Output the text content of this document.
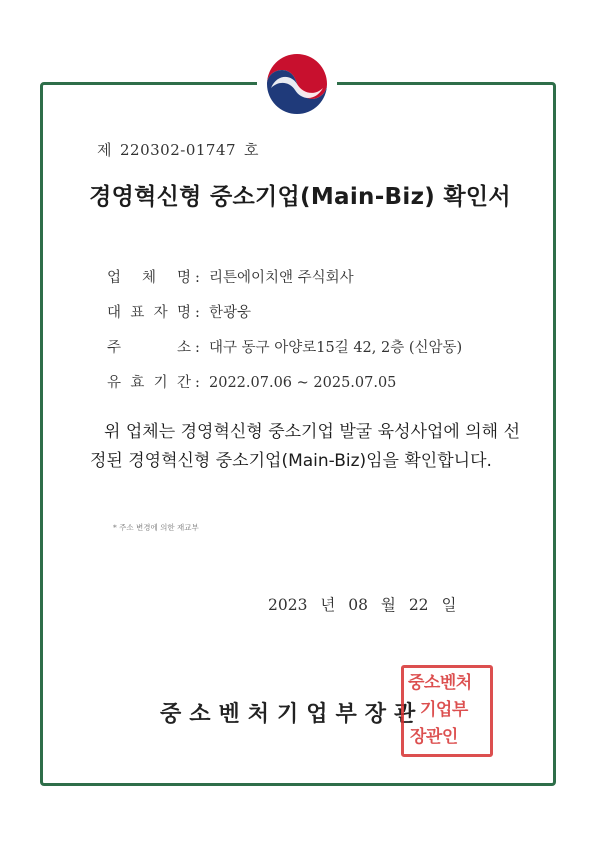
제 220302-01747 호
경영혁신형 중소기업(Main-Biz) 확인서
업 체 명 : 리튼에이치앤 주식회사
대 표 자 명 : 한광웅
주	소 : 대구 동구 아양로15길 42, 2층 (신암동)
유 효 기 간 : 2022.07.06 ~ 2025.07.05
위 업체는 경영혁신형 중소기업 발굴 육성사업에 의해 선정된 경영혁신형 중소기업(Main-Biz)임을 확인합니다.
* 주소 변경에 의한 재교부
2023 년 08 월 22 일
중소벤처기업부장관
중소벤처
기업부
장관인
